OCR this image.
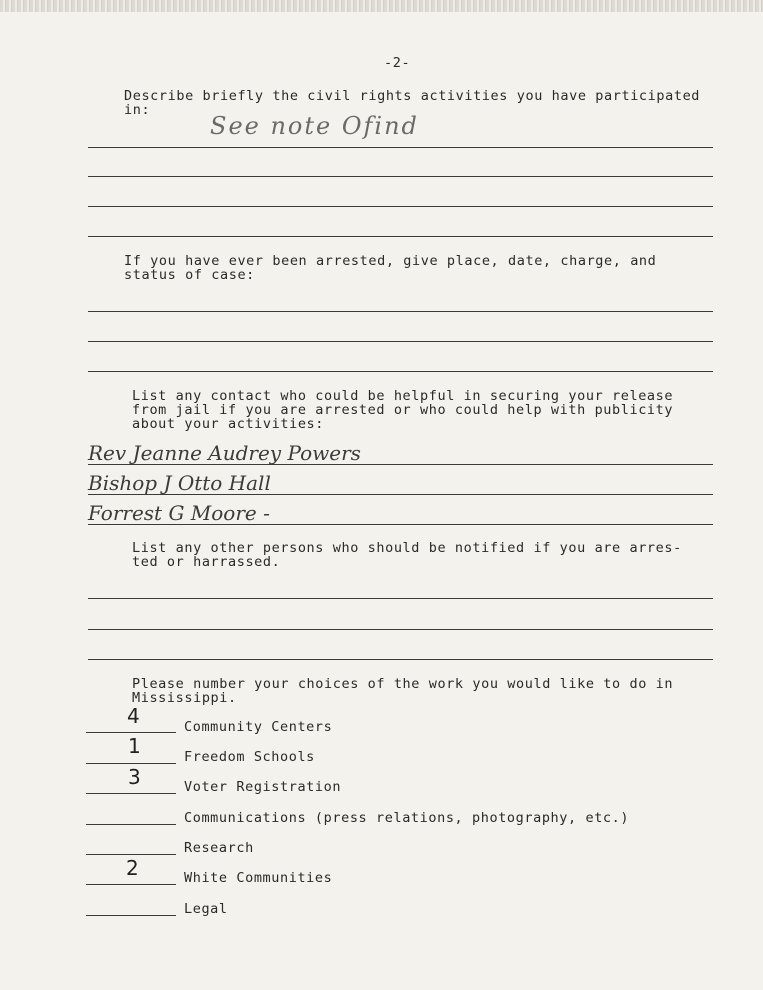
-2-
Describe briefly the civil rights activities you have participated
in:
See note Ofind
If you have ever been arrested, give place, date, charge, and
status of case:
List any contact who could be helpful in securing your release
from jail if you are arrested or who could help with publicity
about your activities:
Rev Jeanne Audrey Powers
Bishop J Otto Hall
Forrest G Moore -
List any other persons who should be notified if you are arres-
ted or harrassed.
Please number your choices of the work you would like to do in
Mississippi.
4	Community Centers
1	Freedom Schools
3	Voter Registration
Communications (press relations, photography, etc.)
Research
2	White Communities
Legal
